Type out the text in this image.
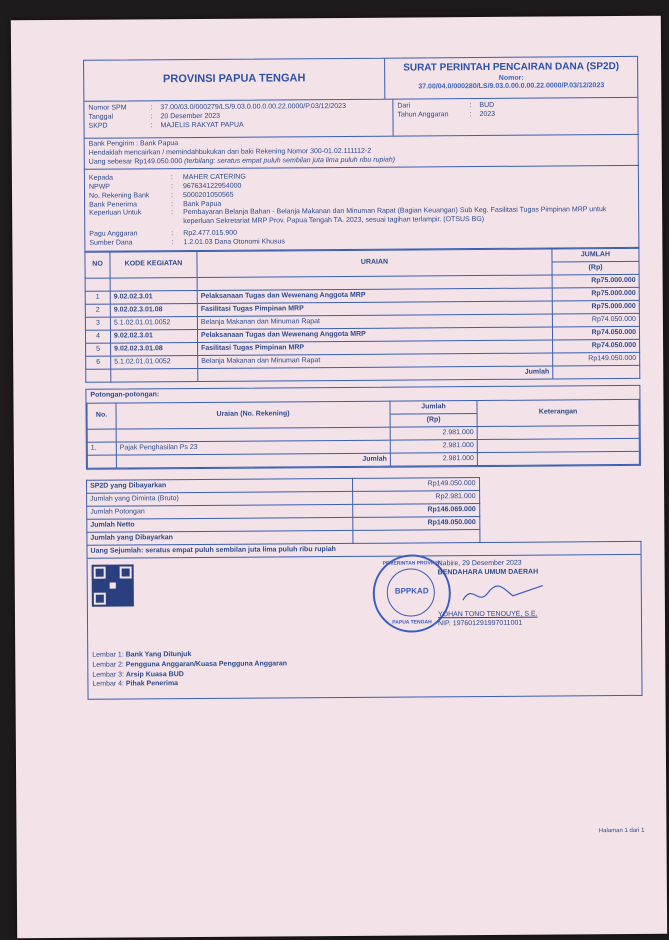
PROVINSI PAPUA TENGAH
SURAT PERINTAH PENCAIRAN DANA (SP2D)
Nomor:
37.00/04.0/000280/LS/9.03.0.00.0.00.22.0000/P.03/12/2023
Nomor SPM	:	37.00/03.0/000279/LS/9.03.0.00.0.00.22.0000/P.03/12/2023
Tanggal	:	20 Desember 2023
SKPD	:	MAJELIS RAKYAT PAPUA
Dari	:	BUD
Tahun Anggaran	:	2023
Bank Pengirim : Bank Papua
Hendaklah mencairkan / memindahbukukan dari baki Rekening Nomor 300-01.02.111112-2
Uang sebesar Rp149.050.000 (terbilang: seratus empat puluh sembilan juta lima puluh ribu rupiah)
Kepada	:	MAHER CATERING
NPWP	:	967634122954000
No. Rekening Bank	:	5000201050565
Bank Penerima	:	Bank Papua
Keperluan Untuk	:	Pembayaran Belanja Bahan - Belanja Makanan dan Minuman Rapat (Bagian Keuangan) Sub Keg. Fasilitasi Tugas Pimpinan MRP untuk keperluan Sekretariat MRP Prov. Papua Tengah TA. 2023, sesuai tagihan terlampir. (OTSUS BG)
Pagu Anggaran	:	Rp2.477.015.900
Sumber Dana	:	1.2.01.03 Dana Otonomi Khusus
NO	KODE KEGIATAN	URAIAN	JUMLAH
			(Rp)
			Rp75.000.000
1	9.02.02.3.01	Pelaksanaan Tugas dan Wewenang Anggota MRP	Rp75.000.000
2	9.02.02.3.01.08	Fasilitasi Tugas Pimpinan MRP	Rp75.000.000
3	5.1.02.01.01.0052	Belanja Makanan dan Minuman Rapat	Rp74.050.000
4	9.02.02.3.01	Pelaksanaan Tugas dan Wewenang Anggota MRP	Rp74.050.000
5	9.02.02.3.01.08	Fasilitasi Tugas Pimpinan MRP	Rp74.050.000
6	5.1.02.01.01.0052	Belanja Makanan dan Minuman Rapat	Rp149.050.000
		Jumlah	
Potongan-potongan:
No.	Uraian (No. Rekening)	Jumlah	Keterangan
		(Rp)	
		2.981.000	
1.	Pajak Penghasilan Ps 23	2.981.000	
	Jumlah	2.981.000	
SP2D yang Dibayarkan	Rp149.050.000	
Jumlah yang Diminta (Bruto)	Rp2.981.000	
Jumlah Potongan	Rp146.069.000	
Jumlah Netto	Rp149.050.000	
Jumlah yang Dibayarkan		
Uang Sejumlah: seratus empat puluh sembilan juta lima puluh ribu rupiah		
PEMERINTAH PROVINSI
BPPKAD
PAPUA TENGAH
Nabire, 29 Desember 2023
BENDAHARA UMUM DAERAH
YOHAN TONO TENOUYE, S.E.
NIP. 197601291997011001
Lembar 1: Bank Yang Ditunjuk
Lembar 2: Pengguna Anggaran/Kuasa Pengguna Anggaran
Lembar 3: Arsip Kuasa BUD
Lembar 4: Pihak Penerima
Halaman 1 dari 1
